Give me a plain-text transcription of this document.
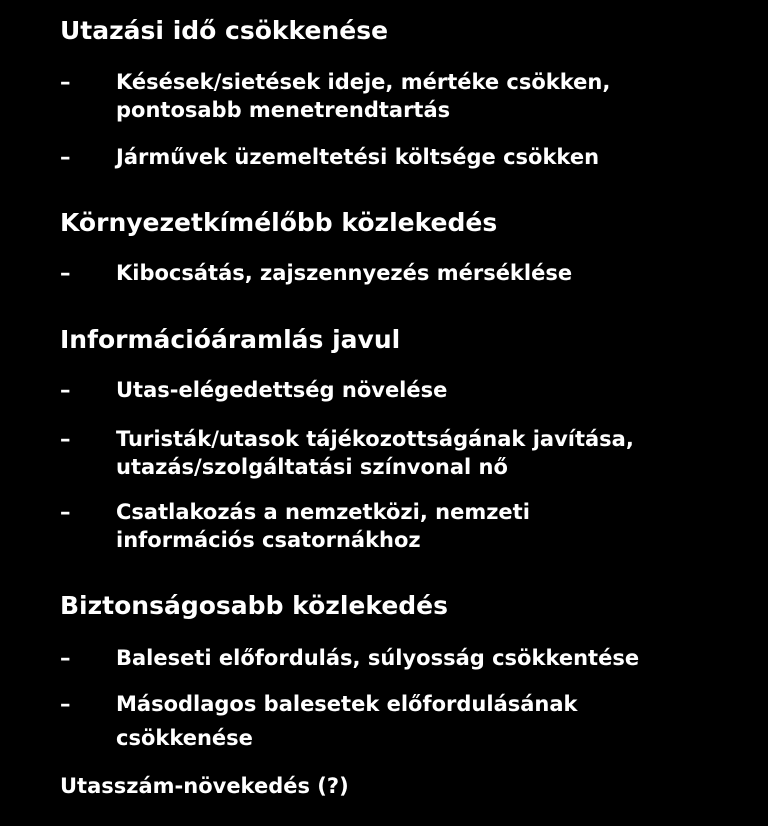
Utazási idő csökkenése
–	Késések/sietések ideje, mértéke csökken,
pontosabb menetrendtartás
–	Járművek üzemeltetési költsége csökken
Környezetkímélőbb közlekedés
–	Kibocsátás, zajszennyezés mérséklése
Információáramlás javul
–	Utas-elégedettség növelése
–	Turisták/utasok tájékozottságának javítása,
utazás/szolgáltatási színvonal nő
–	Csatlakozás a nemzetközi, nemzeti
információs csatornákhoz
Biztonságosabb közlekedés
–	Baleseti előfordulás, súlyosság csökkentése
–	Másodlagos balesetek előfordulásának
csökkenése
Utasszám-növekedés (?)
